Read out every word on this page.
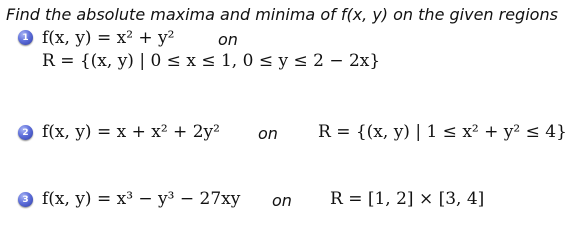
Find the absolute maxima and minima of f(x, y) on the given regions
1 f(x, y) = x² + y²	on
R = {(x, y) | 0 ≤ x ≤ 1, 0 ≤ y ≤ 2 − 2x}
2 f(x, y) = x + x² + 2y² on R = {(x, y) | 1 ≤ x² + y² ≤ 4}
3 f(x, y) = x³ − y³ − 27xy on R = [1, 2] × [3, 4]
